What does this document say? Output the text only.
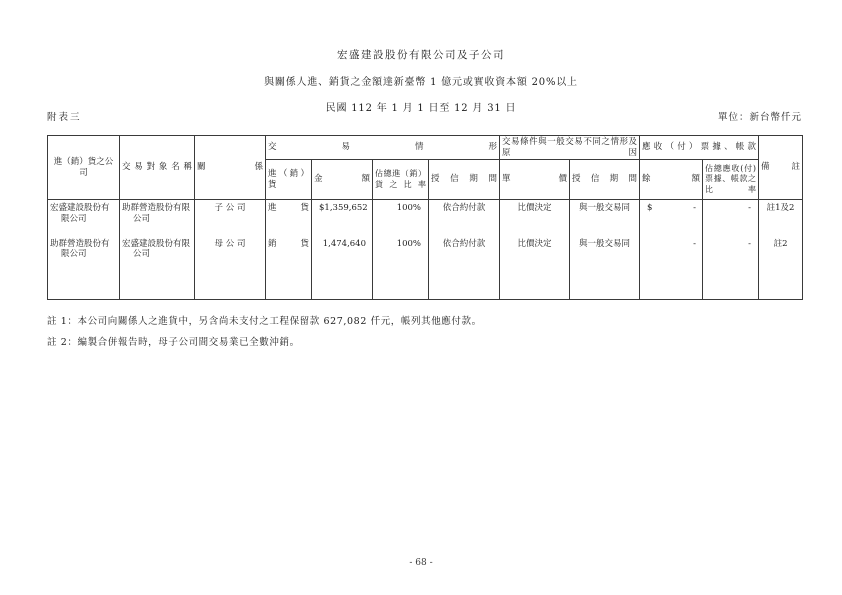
宏盛建設股份有限公司及子公司
與關係人進、銷貨之金額達新臺幣 1 億元或實收資本額 20%以上
民國 112 年 1 月 1 日至 12 月 31 日
附表三	單位：新台幣仟元
進（銷）貨之公司	交易對象名稱	關係	交易情形				交易條件與一般交易不同之情形及原因		應收（付）票據、帳款		備註
			進（銷）貨	金額	佔總進（銷）貨之比率	授信期間	單價	授信期間	餘額	佔總應收(付)票據、帳款之比率	
宏盛建設股份有限公司	助群營造股份有限公司	子 公 司	進 貨	$ 1,359,652	100%	依合約付款	比價決定	與一般交易同	$ -	-	註1及2
助群營造股份有限公司	宏盛建設股份有限公司	母 公 司	銷 貨	1,474,640	100%	依合約付款	比價決定	與一般交易同	-	-	註2

註 1：本公司向關係人之進貨中，另含尚未支付之工程保留款 627,082 仟元，帳列其他應付款。
註 2：編製合併報告時，母子公司間交易業已全數沖銷。
- 68 -
